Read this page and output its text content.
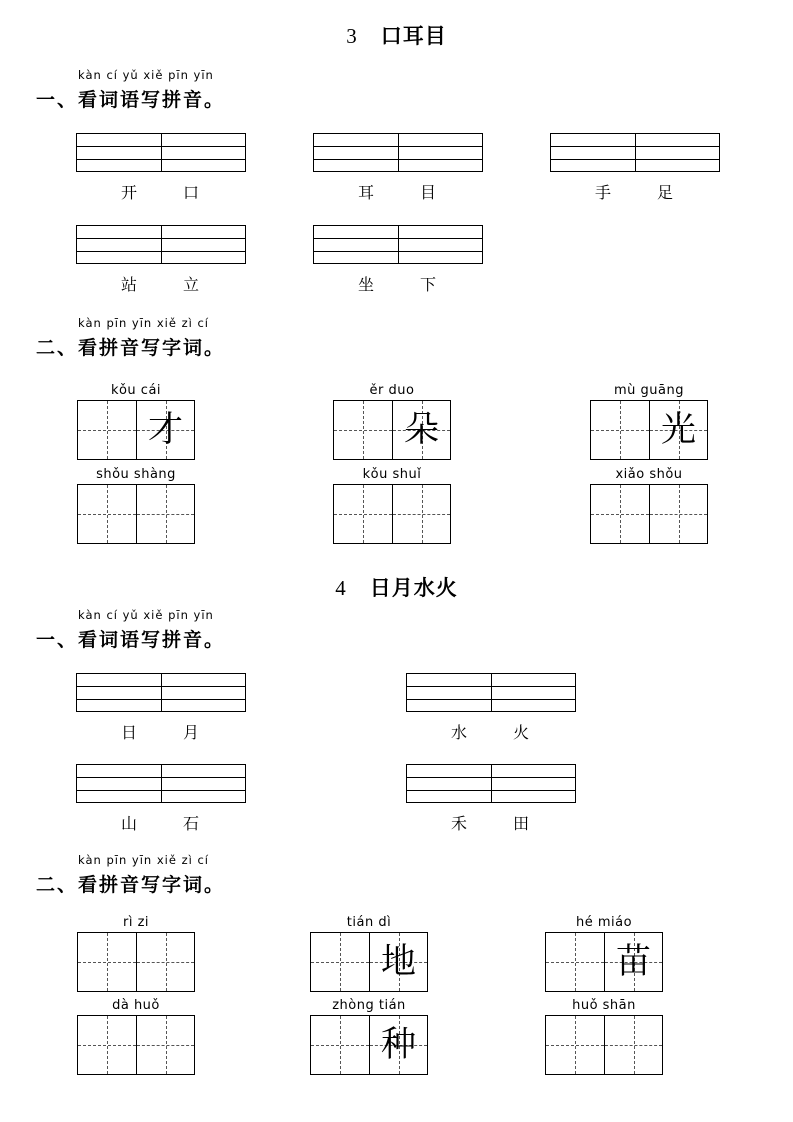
3 口耳目
kàn cí yǔ xiě pīn yīn
一、看词语写拼音。
开	口	耳	目	手	足
站	立	坐	下
kàn pīn yīn xiě zì cí
二、看拼音写字词。
kǒu cái
才
ěr duo
朵
mù guāng
光
shǒu shàng	kǒu shuǐ	xiǎo shǒu
4 日月水火
kàn cí yǔ xiě pīn yīn
一、看词语写拼音。
日	月	水	火
山	石	禾	田
kàn pīn yīn xiě zì cí
二、看拼音写字词。
rì zi	tián dì
地
hé miáo
苗
dà huǒ	zhòng tián
种
huǒ shān
